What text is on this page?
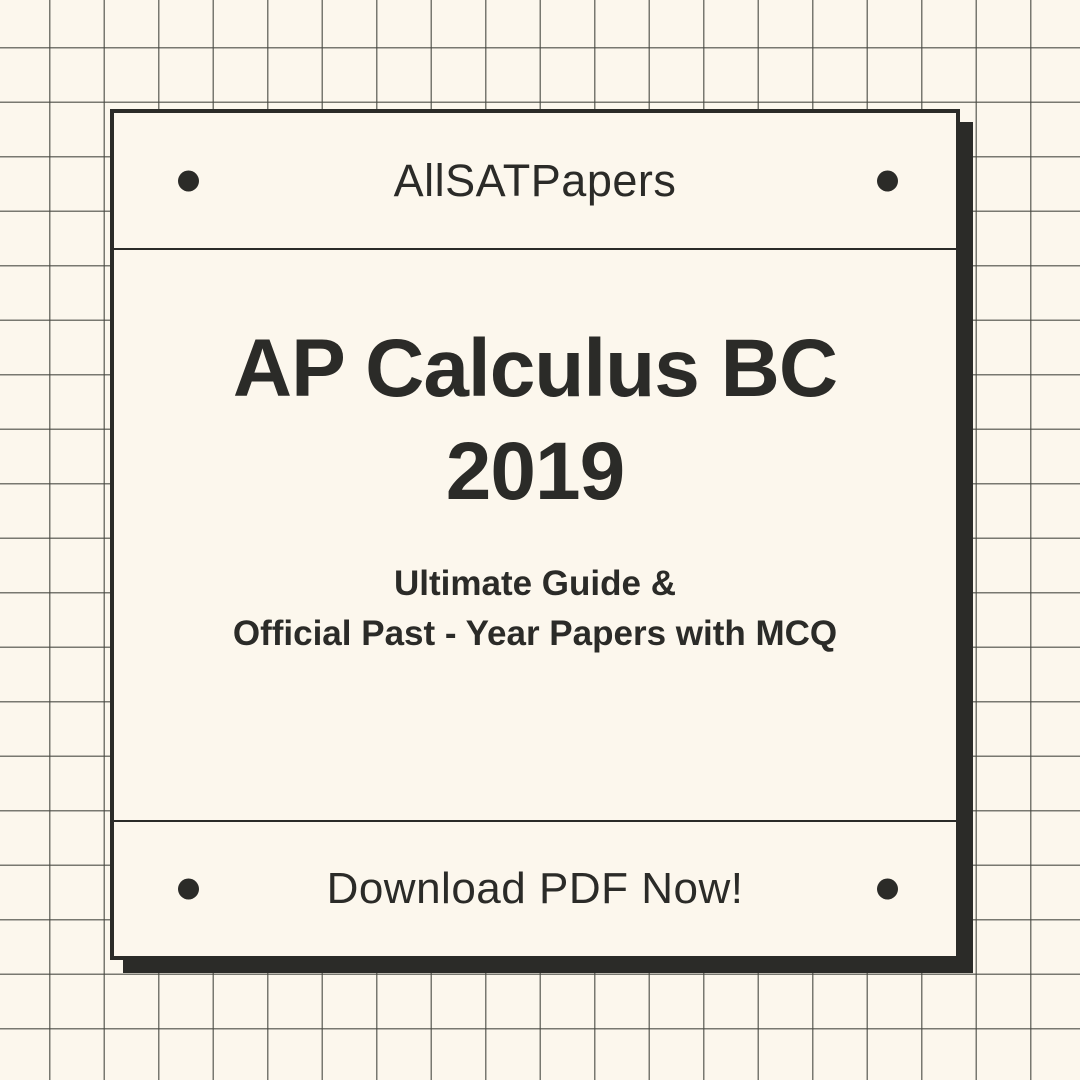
AllSATPapers
AP Calculus BC
2019
Ultimate Guide &
Official Past - Year Papers with MCQ
Download PDF Now!
